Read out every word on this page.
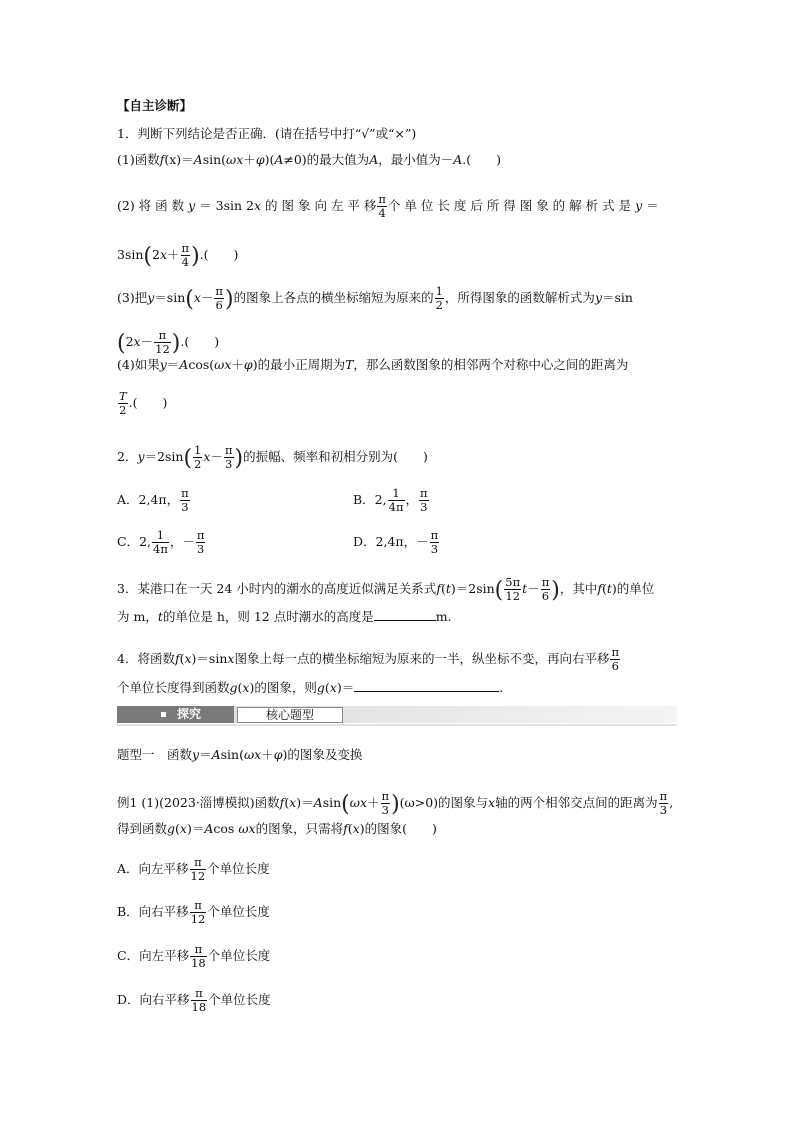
【自主诊断】
1．判断下列结论是否正确．(请在括号中打“√”或“×”)
(1)函数f(x)＝Asin(ωx＋φ)(A≠0)的最大值为A，最小值为－A.(　　)
(2) 将 函 数 y ＝ 3sin 2x 的 图 象 向 左 平 移 $\frac{\pi}{4}$ 个 单 位 长 度 后 所 得 图 象 的 解 析 式 是 y ＝
$3\sin(2x+ \frac{\pi}{4}$ ).(　　)
(3)把$y=\sin(x- \frac{\pi}{6}$ )的图象上各点的横坐标缩短为原来的 $\frac{1}{2}$ ，所得图象的函数解析式为y＝sin
($2x- \frac{\pi}{12}$ ).(　　)
(4)如果y＝Acos(ωx＋φ)的最小正周期为T，那么函数图象的相邻两个对称中心之间的距离为
$\frac{T}{2}$ .(　　)
2．$y=2\sin( \frac{1}{2} x- \frac{\pi}{3}$ )的振幅、频率和初相分别为(　　)
A．2,4π， $\frac{\pi}{3}$	B．2, $\frac{1}{4\pi}$ ， $\frac{\pi}{3}$
C．2, $\frac{1}{4\pi}$ ，－ $\frac{\pi}{3}$	D．2,4π，－ $\frac{\pi}{3}$
3．某港口在一天 24 小时内的潮水的高度近似满足关系式$f(t)=2\sin( \frac{5\pi}{12} t- \frac{\pi}{6}$ )，其中f(t)的单位
为 m，t的单位是 h，则 12 点时潮水的高度是	m.
4．将函数f(x)＝sinx图象上每一点的横坐标缩短为原来的一半，纵坐标不变，再向右平移 $\frac{\pi}{6}$
个单位长度得到函数g(x)的图象，则g(x)＝	.
探究	核心题型
题型一　函数y＝Asin(ωx＋φ)的图象及变换
例1 (1)(2023·淄博模拟)函数$f(x)=Asin(\omega x+ \frac{\pi}{3} )(\omega>0)$的图象与x轴的两个相邻交点间的距离为 $\frac{\pi}{3}$ ,
得到函数g(x)＝Acos ωx的图象，只需将f(x)的图象(　　)
A．向左平移 $\frac{\pi}{12}$ 个单位长度
B．向右平移 $\frac{\pi}{12}$ 个单位长度
C．向左平移 $\frac{\pi}{18}$ 个单位长度
D．向右平移 $\frac{\pi}{18}$ 个单位长度
